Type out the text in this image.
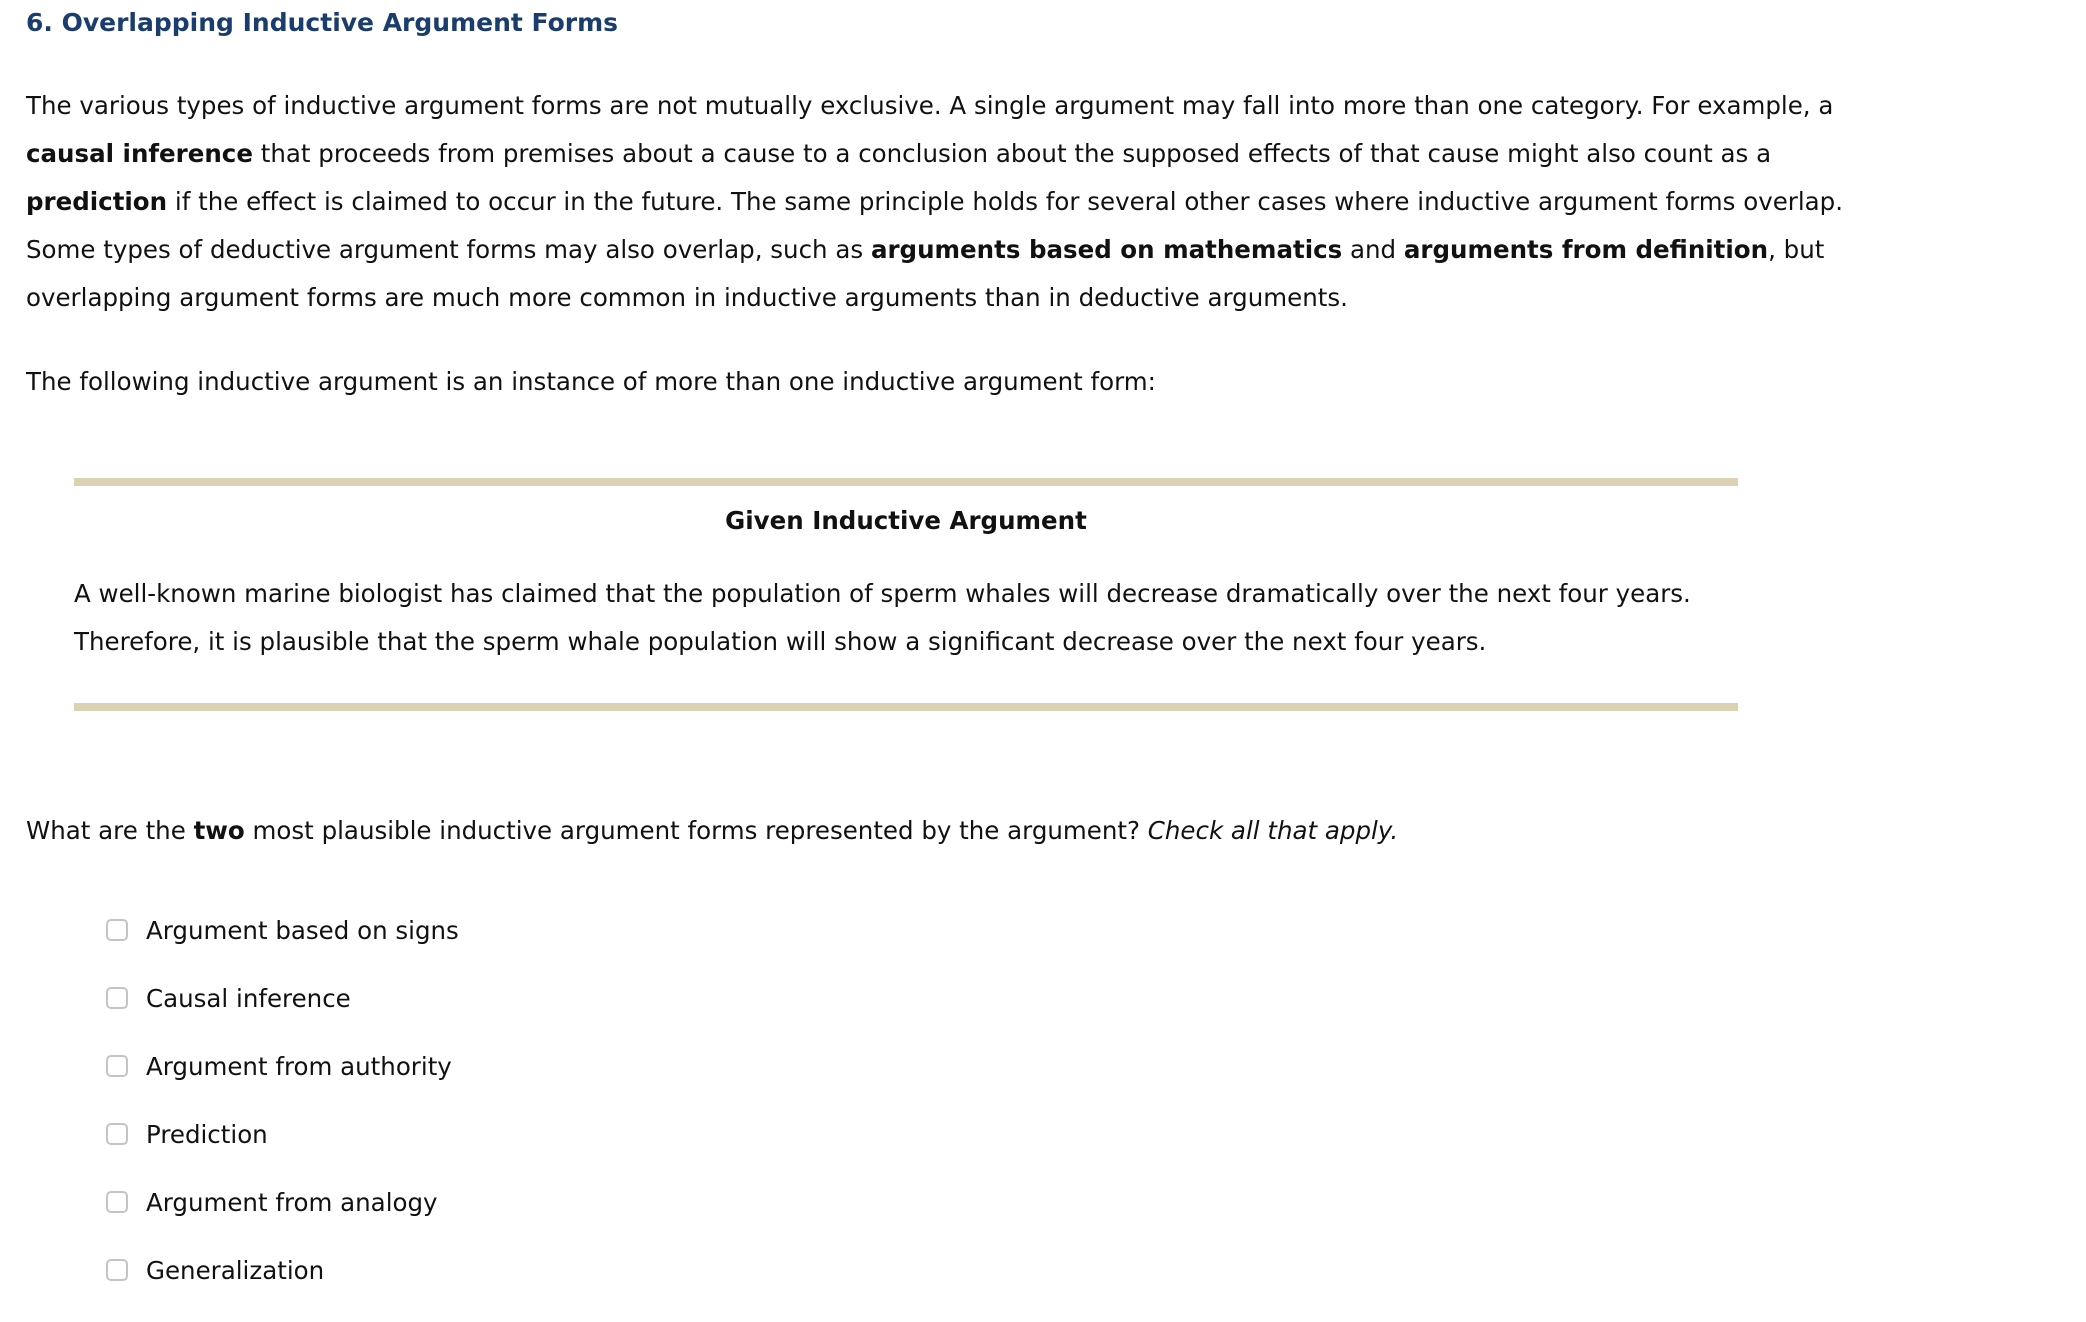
6. Overlapping Inductive Argument Forms

The various types of inductive argument forms are not mutually exclusive. A single argument may fall into more than one category. For example, a causal inference that proceeds from premises about a cause to a conclusion about the supposed effects of that cause might also count as a prediction if the effect is claimed to occur in the future. The same principle holds for several other cases where inductive argument forms overlap. Some types of deductive argument forms may also overlap, such as arguments based on mathematics and arguments from definition, but overlapping argument forms are much more common in inductive arguments than in deductive arguments.

The following inductive argument is an instance of more than one inductive argument form:

Given Inductive Argument

A well-known marine biologist has claimed that the population of sperm whales will decrease dramatically over the next four years.
Therefore, it is plausible that the sperm whale population will show a significant decrease over the next four years.

What are the two most plausible inductive argument forms represented by the argument? Check all that apply.

Argument based on signs
Causal inference
Argument from authority
Prediction
Argument from analogy
Generalization
